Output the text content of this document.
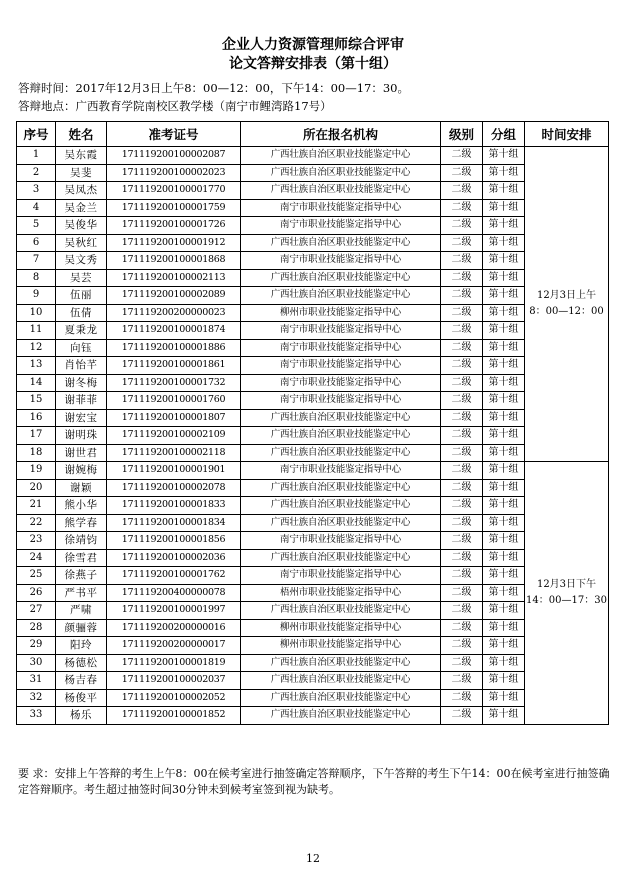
企业人力资源管理师综合评审
论文答辩安排表（第十组）
答辩时间：2017年12月3日上午8：00—12：00，下午14：00—17：30。
答辩地点：广西教育学院南校区教学楼（南宁市鲤湾路17号）
序号	姓名	准考证号	所在报名机构	级别	分组	时间安排
1	吴东霞	171119200100002087	广西壮族自治区职业技能鉴定中心	二级	第十组	12月3日上午
8：00—12：00

2	吴斐	171119200100002023	广西壮族自治区职业技能鉴定中心	二级	第十组	
3	吴凤杰	171119200100001770	广西壮族自治区职业技能鉴定中心	二级	第十组	
4	吴金兰	171119200100001759	南宁市职业技能鉴定指导中心	二级	第十组	
5	吴俊华	171119200100001726	南宁市职业技能鉴定指导中心	二级	第十组	
6	吴秋红	171119200100001912	广西壮族自治区职业技能鉴定中心	二级	第十组	
7	吴文秀	171119200100001868	南宁市职业技能鉴定指导中心	二级	第十组	
8	吴芸	171119200100002113	广西壮族自治区职业技能鉴定中心	二级	第十组	
9	伍丽	171119200100002089	广西壮族自治区职业技能鉴定中心	二级	第十组	
10	伍倩	171119200200000023	柳州市职业技能鉴定指导中心	二级	第十组	
11	夏秉龙	171119200100001874	南宁市职业技能鉴定指导中心	二级	第十组	
12	向钰	171119200100001886	南宁市职业技能鉴定指导中心	二级	第十组	
13	肖怡芊	171119200100001861	南宁市职业技能鉴定指导中心	二级	第十组	
14	谢冬梅	171119200100001732	南宁市职业技能鉴定指导中心	二级	第十组	
15	谢菲菲	171119200100001760	南宁市职业技能鉴定指导中心	二级	第十组	
16	谢宏宝	171119200100001807	广西壮族自治区职业技能鉴定中心	二级	第十组	
17	谢明珠	171119200100002109	广西壮族自治区职业技能鉴定中心	二级	第十组	
18	谢世君	171119200100002118	广西壮族自治区职业技能鉴定中心	二级	第十组	
19	谢婉梅	171119200100001901	南宁市职业技能鉴定指导中心	二级	第十组	12月3日下午
14：00—17：30

20	谢颖	171119200100002078	广西壮族自治区职业技能鉴定中心	二级	第十组	
21	熊小华	171119200100001833	广西壮族自治区职业技能鉴定中心	二级	第十组	
22	熊学春	171119200100001834	广西壮族自治区职业技能鉴定中心	二级	第十组	
23	徐靖钧	171119200100001856	南宁市职业技能鉴定指导中心	二级	第十组	
24	徐雪君	171119200100002036	广西壮族自治区职业技能鉴定中心	二级	第十组	
25	徐燕子	171119200100001762	南宁市职业技能鉴定指导中心	二级	第十组	
26	严书平	171119200400000078	梧州市职业技能鉴定指导中心	二级	第十组	
27	严啸	171119200100001997	广西壮族自治区职业技能鉴定中心	二级	第十组	
28	颜骊蓉	171119200200000016	柳州市职业技能鉴定指导中心	二级	第十组	
29	阳玲	171119200200000017	柳州市职业技能鉴定指导中心	二级	第十组	
30	杨德松	171119200100001819	广西壮族自治区职业技能鉴定中心	二级	第十组	
31	杨吉春	171119200100002037	广西壮族自治区职业技能鉴定中心	二级	第十组	
32	杨俊平	171119200100002052	广西壮族自治区职业技能鉴定中心	二级	第十组	
33	杨乐	171119200100001852	广西壮族自治区职业技能鉴定中心	二级	第十组	
要 求：安排上午答辩的考生上午8：00在候考室进行抽签确定答辩顺序，下午答辩的考生下午14：00在候考室进行抽签确定答辩顺序。考生超过抽签时间30分钟未到候考室签到视为缺考。
12
